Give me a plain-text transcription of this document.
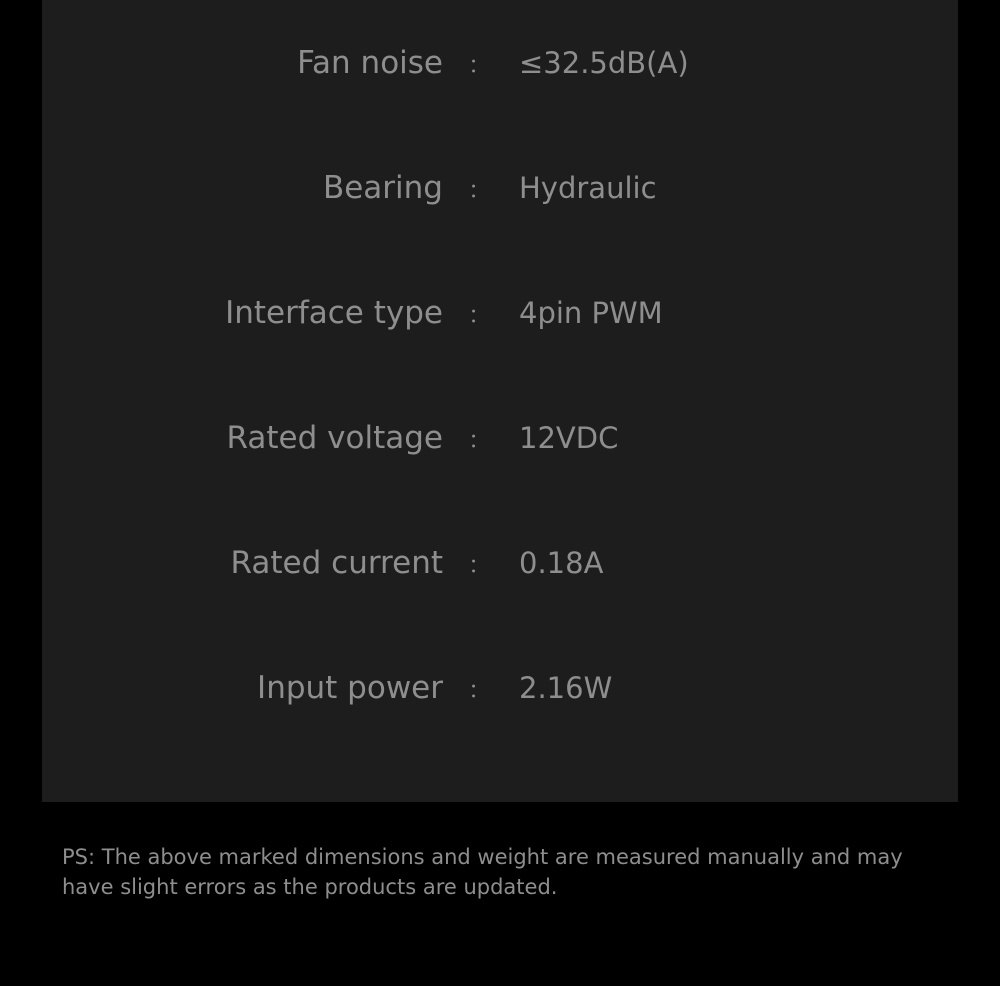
Fan noise	：	≤32.5dB(A)
Bearing	：	Hydraulic
Interface type	：	4pin PWM
Rated voltage	：	12VDC
Rated current	：	0.18A
Input power	：	2.16W
PS: The above marked dimensions and weight are measured manually and may have slight errors as the products are updated.
